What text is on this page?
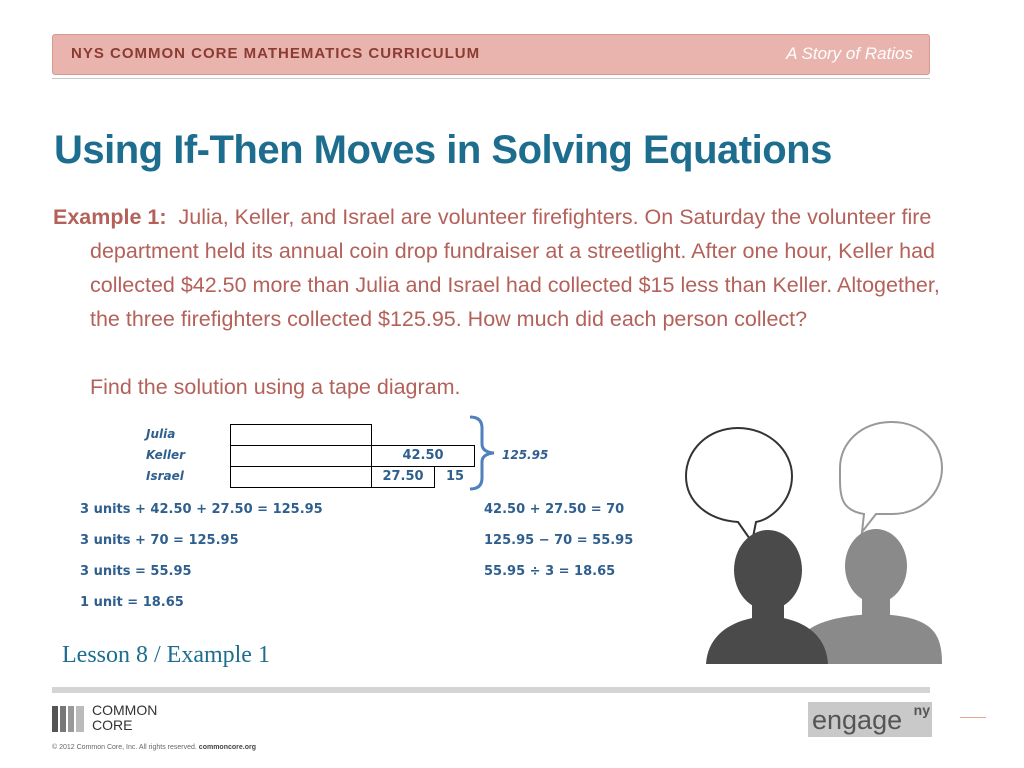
NYS COMMON CORE MATHEMATICS CURRICULUM	A Story of Ratios
Using If-Then Moves in Solving Equations

Example 1: Julia, Keller, and Israel are volunteer firefighters. On Saturday the volunteer fire department held its annual coin drop fundraiser at a streetlight. After one hour, Keller had collected $42.50 more than Julia and Israel had collected $15 less than Keller. Altogether, the three firefighters collected $125.95. How much did each person collect?

Find the solution using a tape diagram.
Julia
Keller
Israel
42.50
27.50	15
125.95
3 units + 42.50 + 27.50 = 125.95
3 units + 70 = 125.95
3 units = 55.95
1 unit = 18.65
42.50 + 27.50 = 70
125.95 − 70 = 55.95
55.95 ÷ 3 = 18.65
Lesson 8 / Example 1
COMMON
CORE
© 2012 Common Core, Inc. All rights reserved. commoncore.org
engage ny
